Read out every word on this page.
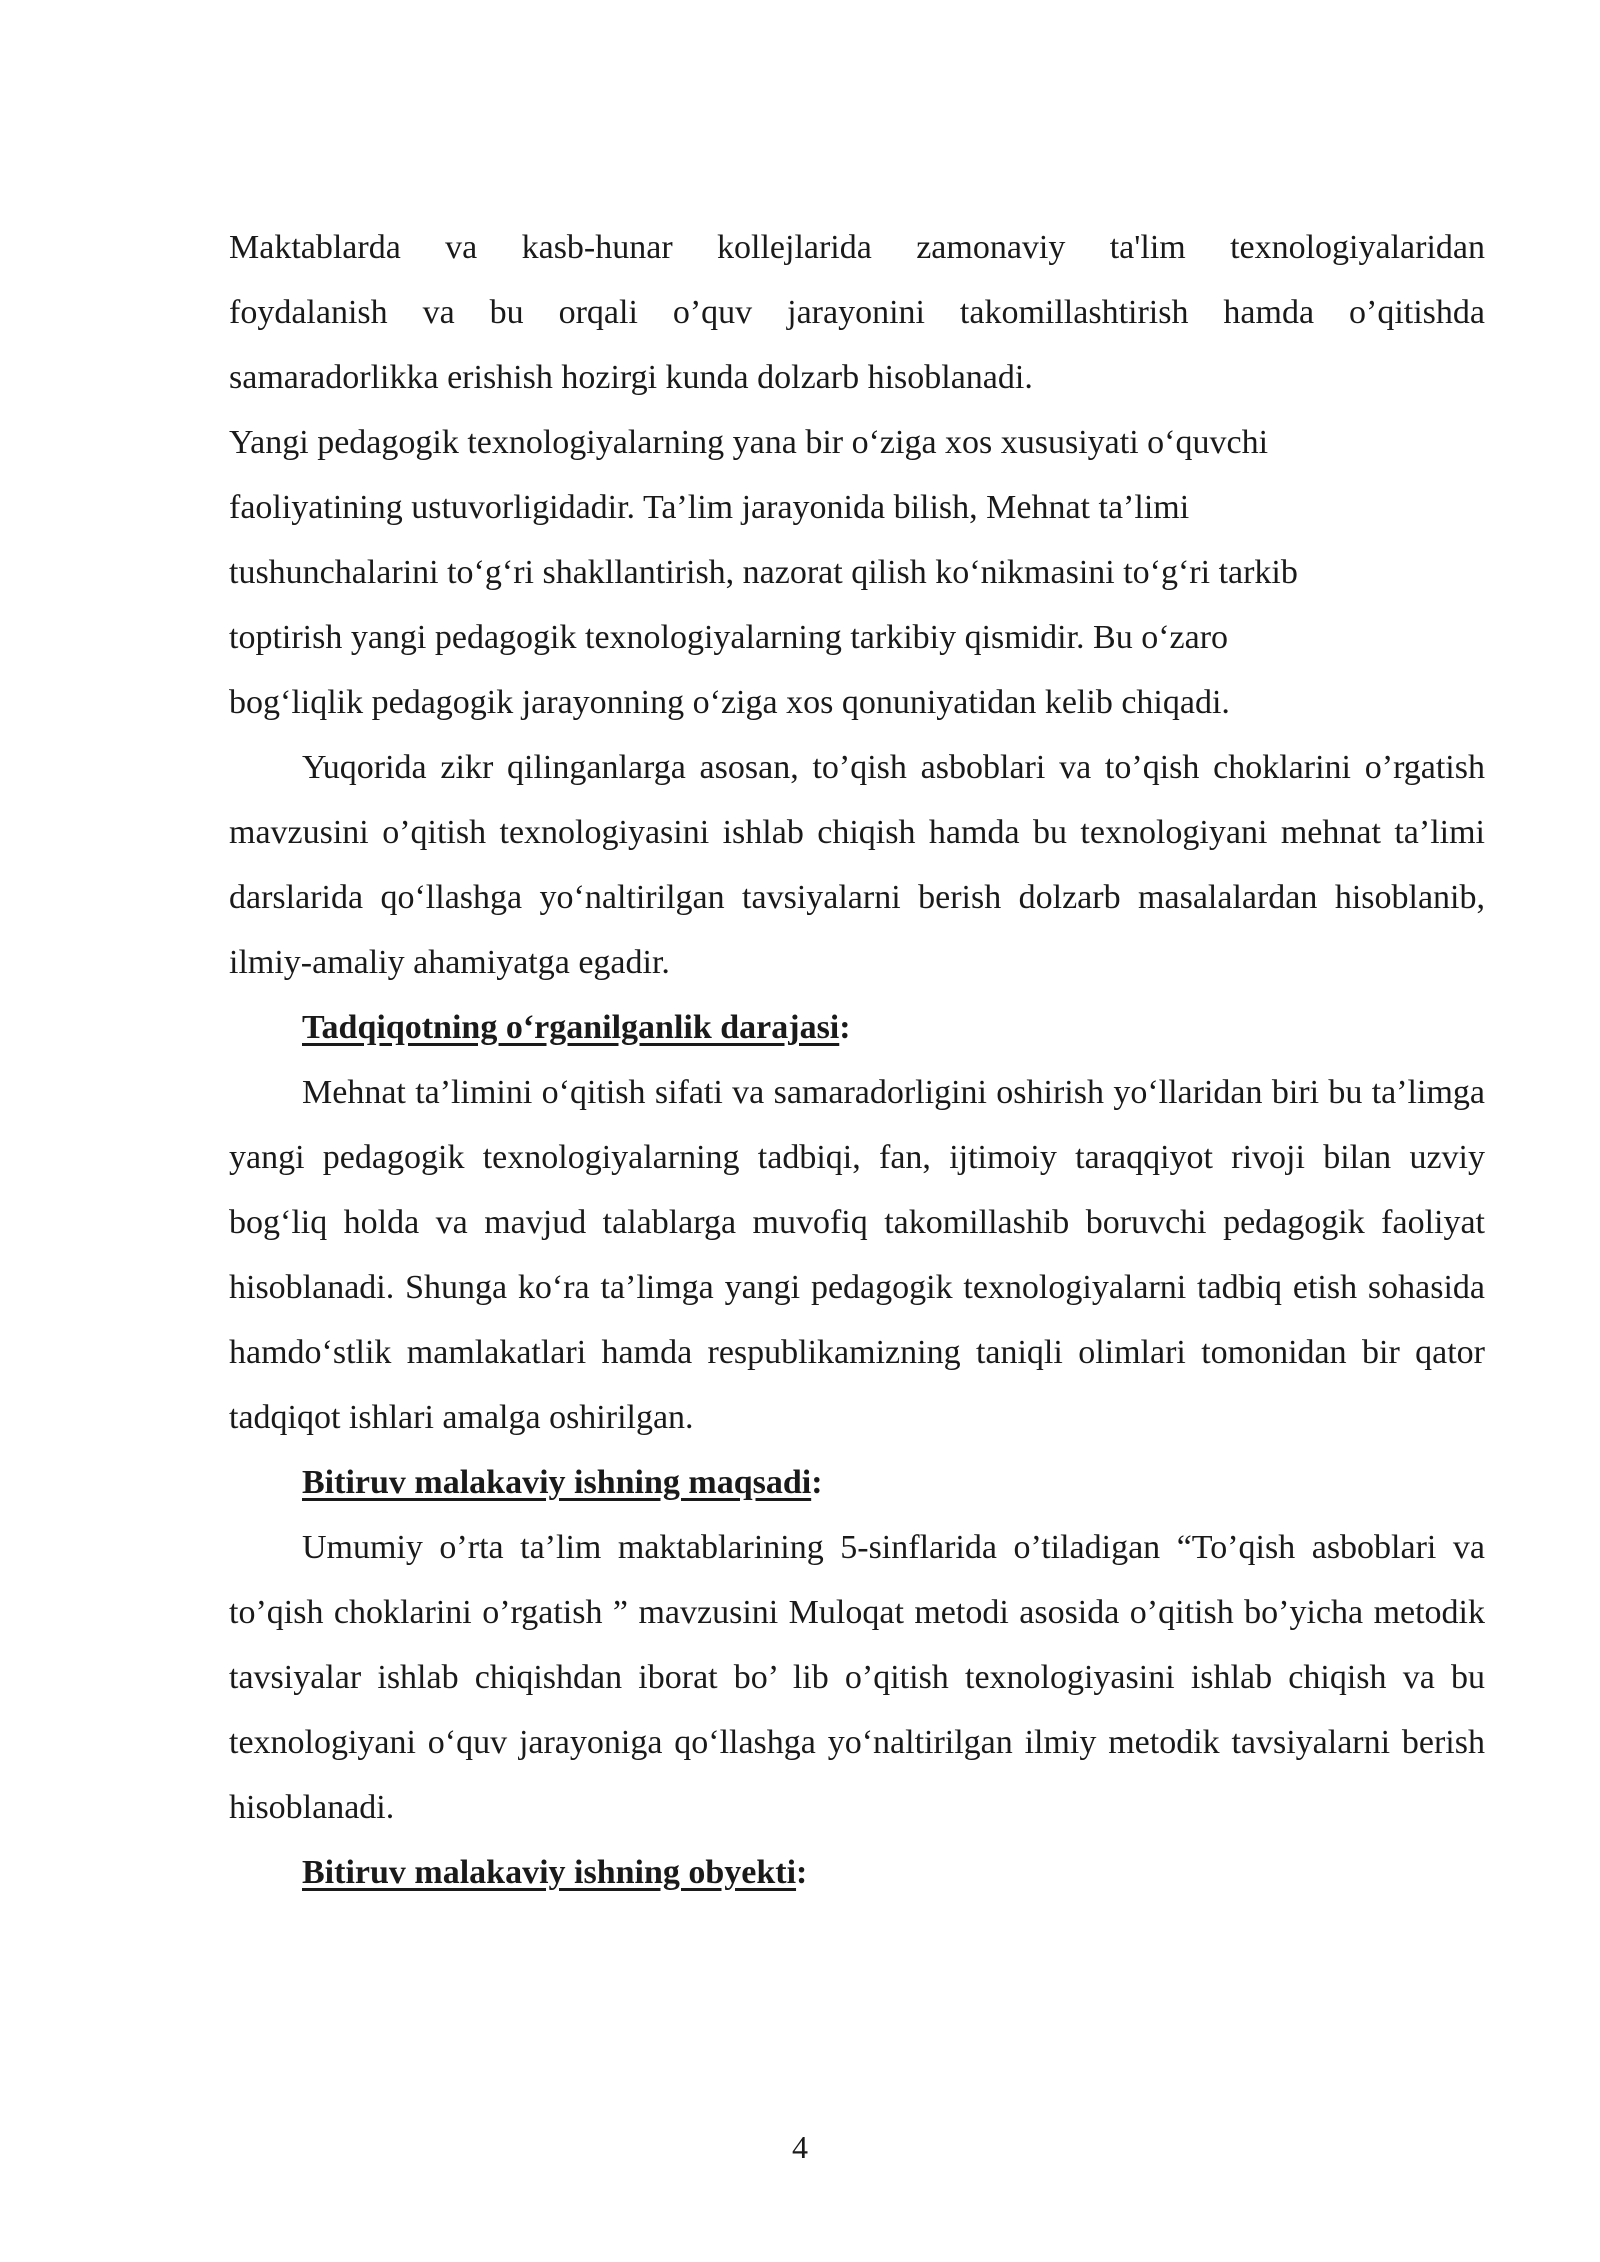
Maktablarda va kasb-hunar kollejlarida zamonaviy ta'lim texnologiyalaridan
foydalanish va bu orqali o’quv jarayonini takomillashtirish hamda o’qitishda
samaradorlikka erishish hozirgi kunda dolzarb hisoblanadi.

Yangi pedagogik texnologiyalarning yana bir o‘ziga xos xususiyati o‘quvchi
faoliyatining ustuvorligidadir. Ta’lim jarayonida bilish, Mehnat ta’limi
tushunchalarini to‘g‘ri shakllantirish, nazorat qilish ko‘nikmasini to‘g‘ri tarkib
toptirish yangi pedagogik texnologiyalarning tarkibiy qismidir. Bu o‘zaro
bog‘liqlik pedagogik jarayonning o‘ziga xos qonuniyatidan kelib chiqadi.

Yuqorida zikr qilinganlarga asosan, to’qish asboblari va to’qish choklarini o’rgatish mavzusini o’qitish texnologiyasini ishlab chiqish hamda bu texnologiyani mehnat ta’limi darslarida qo‘llashga yo‘naltirilgan tavsiyalarni berish dolzarb masalalardan hisoblanib, ilmiy-amaliy ahamiyatga egadir.

Tadqiqotning o‘rganilganlik darajasi:

Mehnat ta’limini o‘qitish sifati va samaradorligini oshirish yo‘llaridan biri bu ta’limga yangi pedagogik texnologiyalarning tadbiqi, fan, ijtimoiy taraqqiyot rivoji bilan uzviy bog‘liq holda va mavjud talablarga muvofiq takomillashib boruvchi pedagogik faoliyat hisoblanadi. Shunga ko‘ra ta’limga yangi pedagogik texnologiyalarni tadbiq etish sohasida hamdo‘stlik mamlakatlari hamda respublikamizning taniqli olimlari tomonidan bir qator tadqiqot ishlari amalga oshirilgan.

Bitiruv malakaviy ishning maqsadi:

Umumiy o’rta ta’lim maktablarining 5-sinflarida o’tiladigan “To’qish asboblari va to’qish choklarini o’rgatish ” mavzusini Muloqat metodi asosida o’qitish bo’yicha metodik tavsiyalar ishlab chiqishdan iborat bo’ lib o’qitish texnologiyasini ishlab chiqish va bu texnologiyani o‘quv jarayoniga qo‘llashga yo‘naltirilgan ilmiy metodik tavsiyalarni berish hisoblanadi.

Bitiruv malakaviy ishning obyekti:

4
